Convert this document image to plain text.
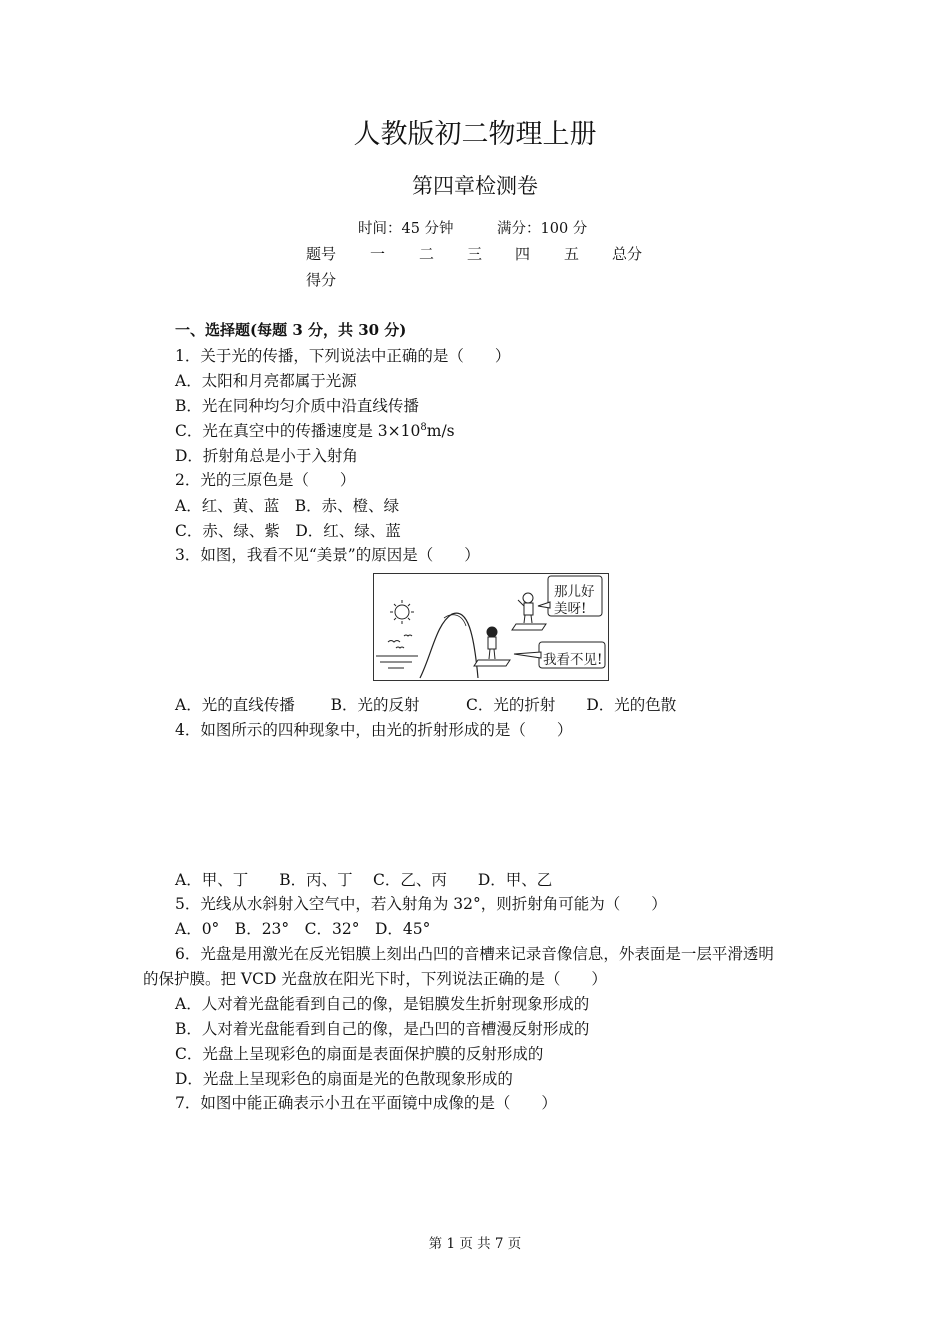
人教版初二物理上册
第四章检测卷
时间：45 分钟	满分：100 分
题号 一 二 三 四 五 总分
得分
一、选择题(每题 3 分，共 30 分)
1．关于光的传播，下列说法中正确的是（　　）
A．太阳和月亮都属于光源
B．光在同种均匀介质中沿直线传播
C．光在真空中的传播速度是 $3\times 10^8m/s$
D．折射角总是小于入射角
2．光的三原色是（　　）
A．红、黄、蓝　B．赤、橙、绿
C．赤、绿、紫　D．红、绿、蓝
3．如图，我看不见“美景”的原因是（　　）
那儿好
美呀!
我看不见!
A．光的直线传播　　 B．光的反射　　　C．光的折射　　D．光的色散
4．如图所示的四种现象中，由光的折射形成的是（　　）
A．甲、丁　　B．丙、丁　 C．乙、丙　　D．甲、乙
5．光线从水斜射入空气中，若入射角为 32°，则折射角可能为（　　）
A．0°　B．23°　C．32°　D．45°
6．光盘是用激光在反光铝膜上刻出凸凹的音槽来记录音像信息，外表面是一层平滑透明
的保护膜。把 VCD 光盘放在阳光下时，下列说法正确的是（　　）
A．人对着光盘能看到自己的像，是铝膜发生折射现象形成的
B．人对着光盘能看到自己的像，是凸凹的音槽漫反射形成的
C．光盘上呈现彩色的扇面是表面保护膜的反射形成的
D．光盘上呈现彩色的扇面是光的色散现象形成的
7．如图中能正确表示小丑在平面镜中成像的是（　　）
第 1 页 共 7 页
